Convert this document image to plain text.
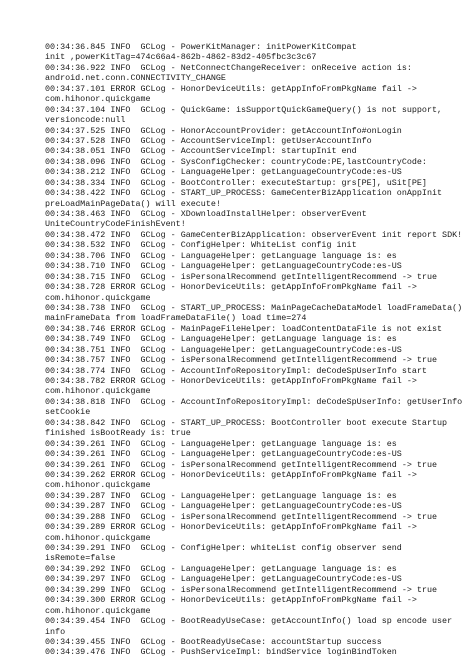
00:34:36.845 INFO  GCLog - PowerKitManager: initPowerKitCompat
init ,powerKitTag=474c66a4-862b-4862-83d2-405fbc3c3c67
00:34:36.922 INFO  GCLog - NetConnectChangeReceiver: onReceive action is:
android.net.conn.CONNECTIVITY_CHANGE
00:34:37.101 ERROR GCLog - HonorDeviceUtils: getAppInfoFromPkgName fail ->
com.hihonor.quickgame
00:34:37.104 INFO  GCLog - QuickGame: isSupportQuickGameQuery() is not support,
versioncode:null
00:34:37.525 INFO  GCLog - HonorAccountProvider: getAccountInfo#onLogin
00:34:37.528 INFO  GCLog - AccountServiceImpl: getUserAccountInfo
00:34:38.051 INFO  GCLog - AccountServiceImpl: startupInit end
00:34:38.096 INFO  GCLog - SysConfigChecker: countryCode:PE,lastCountryCode:
00:34:38.212 INFO  GCLog - LanguageHelper: getLanguageCountryCode:es-US
00:34:38.334 INFO  GCLog - BootController: executeStartup: grs[PE], uSit[PE]
00:34:38.422 INFO  GCLog - START_UP_PROCESS: GameCenterBizApplication onAppInit
preLoadMainPageData() will execute!
00:34:38.463 INFO  GCLog - XDownloadInstallHelper: observerEvent
UniteCountryCodeFinishEvent!
00:34:38.472 INFO  GCLog - GameCenterBizApplication: observerEvent init report SDK!
00:34:38.532 INFO  GCLog - ConfigHelper: WhiteList config init
00:34:38.706 INFO  GCLog - LanguageHelper: getLanguage language is: es
00:34:38.710 INFO  GCLog - LanguageHelper: getLanguageCountryCode:es-US
00:34:38.715 INFO  GCLog - isPersonalRecommend getIntelligentRecommend -> true
00:34:38.728 ERROR GCLog - HonorDeviceUtils: getAppInfoFromPkgName fail ->
com.hihonor.quickgame
00:34:38.738 INFO  GCLog - START_UP_PROCESS: MainPageCacheDataModel loadFrameData()
mainFrameData from loadFrameDataFile() load time=274
00:34:38.746 ERROR GCLog - MainPageFileHelper: loadContentDataFile is not exist
00:34:38.749 INFO  GCLog - LanguageHelper: getLanguage language is: es
00:34:38.751 INFO  GCLog - LanguageHelper: getLanguageCountryCode:es-US
00:34:38.757 INFO  GCLog - isPersonalRecommend getIntelligentRecommend -> true
00:34:38.774 INFO  GCLog - AccountInfoRepositoryImpl: deCodeSpUserInfo start
00:34:38.782 ERROR GCLog - HonorDeviceUtils: getAppInfoFromPkgName fail ->
com.hihonor.quickgame
00:34:38.818 INFO  GCLog - AccountInfoRepositoryImpl: deCodeSpUserInfo: getUserInfo
setCookie
00:34:38.842 INFO  GCLog - START_UP_PROCESS: BootController boot execute Startup
finished isBootReady is: true
00:34:39.261 INFO  GCLog - LanguageHelper: getLanguage language is: es
00:34:39.261 INFO  GCLog - LanguageHelper: getLanguageCountryCode:es-US
00:34:39.261 INFO  GCLog - isPersonalRecommend getIntelligentRecommend -> true
00:34:39.262 ERROR GCLog - HonorDeviceUtils: getAppInfoFromPkgName fail ->
com.hihonor.quickgame
00:34:39.287 INFO  GCLog - LanguageHelper: getLanguage language is: es
00:34:39.287 INFO  GCLog - LanguageHelper: getLanguageCountryCode:es-US
00:34:39.288 INFO  GCLog - isPersonalRecommend getIntelligentRecommend -> true
00:34:39.289 ERROR GCLog - HonorDeviceUtils: getAppInfoFromPkgName fail ->
com.hihonor.quickgame
00:34:39.291 INFO  GCLog - ConfigHelper: whiteList config observer send
isRemote=false
00:34:39.292 INFO  GCLog - LanguageHelper: getLanguage language is: es
00:34:39.297 INFO  GCLog - LanguageHelper: getLanguageCountryCode:es-US
00:34:39.299 INFO  GCLog - isPersonalRecommend getIntelligentRecommend -> true
00:34:39.300 ERROR GCLog - HonorDeviceUtils: getAppInfoFromPkgName fail ->
com.hihonor.quickgame
00:34:39.454 INFO  GCLog - BootReadyUseCase: getAccountInfo() load sp encode user
info
00:34:39.455 INFO  GCLog - BootReadyUseCase: accountStartup success
00:34:39.476 INFO  GCLog - PushServiceImpl: bindService loginBindToken
